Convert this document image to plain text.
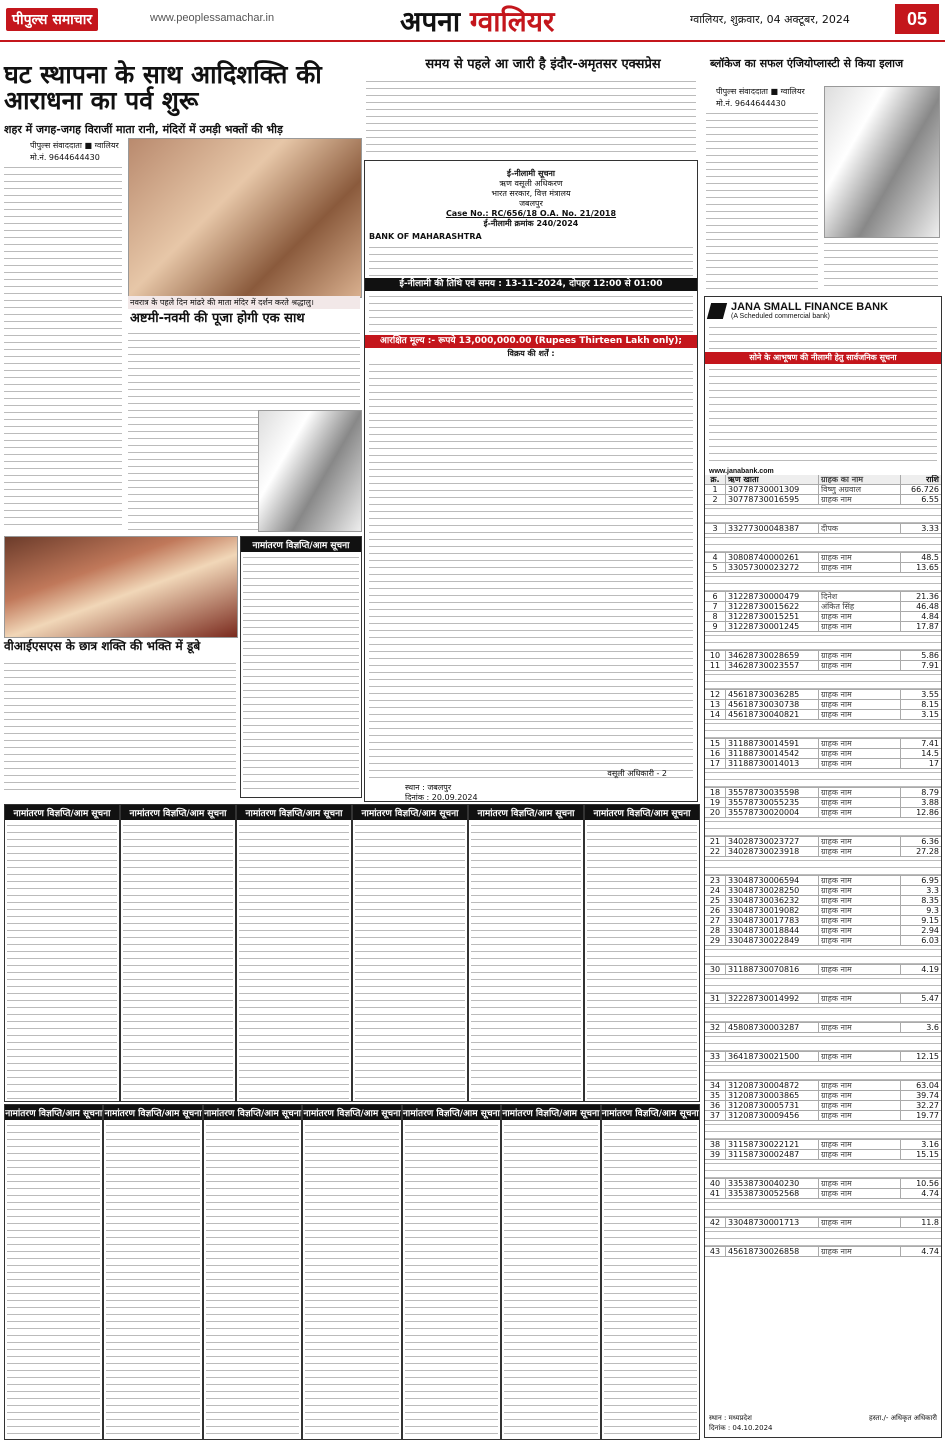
पीपुल्स समाचार	www.peoplessamachar.in	अपना ग्वालियर	ग्वालियर, शुक्रवार, 04 अक्टूबर, 2024	05
घट स्थापना के साथ आदिशक्ति की आराधना का पर्व शुरू
शहर में जगह-जगह विराजीं माता रानी, मंदिरों में उमड़ी भक्तों की भीड़
पीपुल्स संवाददाता ■ ग्वालियर
मो.नं. 9644644430
नवरात्र के पहले दिन मांढरे की माता मंदिर में दर्शन करते श्रद्धालु।
अष्टमी-नवमी की पूजा होगी एक साथ
वीआईएसएस के छात्र शक्ति की भक्ति में डूबे
नामांतरण विज्ञप्ति/आम सूचना
समय से पहले आ जारी है इंदौर-अमृतसर एक्सप्रेस
ई-नीलामी सूचना
ऋण वसूली अधिकरण
भारत सरकार, वित्त मंत्रालय
जबलपुर
Case No.: RC/656/18 O.A. No. 21/2018
ई-नीलामी क्रमांक 240/2024
BANK OF MAHARASHTRA
ई-नीलामी की तिथि एवं समय : 13-11-2024, दोपहर 12:00 से 01:00
आरक्षित मूल्य :- रूपये 13,000,000.00 (Rupees Thirteen Lakh only);
विक्रय की शर्तें :
स्थान : जबलपुर
दिनांक : 20.09.2024
वसूली अधिकारी - 2
ब्लॉकेज का सफल एंजियोप्लास्टी से किया इलाज
पीपुल्स संवाददाता ■ ग्वालियर
मो.नं. 9644644430
JANA SMALL FINANCE BANK
(A Scheduled commercial bank)
सोने के आभूषण की नीलामी हेतु सार्वजनिक सूचना
www.janabank.com
क्र.	ऋण खाता	ग्राहक का नाम	राशि
1	30778730001309	विष्णु अग्रवाल	66.726
2	30778730016595	ग्राहक नाम	6.55
3	33277300048387	दीपक	3.33
4	30808740000261	ग्राहक नाम	48.5
5	33057300023272	ग्राहक नाम	13.65
6	31228730000479	दिनेश	21.36
7	31228730015622	अंकित सिंह	46.48
8	31228730015251	ग्राहक नाम	4.84
9	31228730001245	ग्राहक नाम	17.87
10 34628730028659	ग्राहक नाम	5.86
11 34628730023557	ग्राहक नाम	7.91
12 45618730036285	ग्राहक नाम	3.55
13 45618730030738	ग्राहक नाम	8.15
14 45618730040821	ग्राहक नाम	3.15
15 31188730014591	ग्राहक नाम	7.41
16 31188730014542	ग्राहक नाम	14.5
17 31188730014013	ग्राहक नाम	17
18 35578730035598	ग्राहक नाम	8.79
19 35578730055235	ग्राहक नाम	3.88
20 35578730020004	ग्राहक नाम	12.86
21 34028730023727	ग्राहक नाम	6.36
22 34028730023918	ग्राहक नाम	27.28
23 33048730006594	ग्राहक नाम	6.95
24 33048730028250	ग्राहक नाम	3.3
25 33048730036232	ग्राहक नाम	8.35
26 33048730019082	ग्राहक नाम	9.3
27 33048730017783	ग्राहक नाम	9.15
28 33048730018844	ग्राहक नाम	2.94
29 33048730022849	ग्राहक नाम	6.03
30 31188730070816	ग्राहक नाम	4.19
31 32228730014992	ग्राहक नाम	5.47
32 45808730003287	ग्राहक नाम	3.6
33 36418730021500	ग्राहक नाम	12.15
34 31208730004872	ग्राहक नाम	63.04
35 31208730003865	ग्राहक नाम	39.74
36 31208730005731	ग्राहक नाम	32.27
37 31208730009456	ग्राहक नाम	19.77
38 31158730022121	ग्राहक नाम	3.16
39 31158730002487	ग्राहक नाम	15.15
40 33538730040230	ग्राहक नाम	10.56
41 33538730052568	ग्राहक नाम	4.74
42 33048730001713	ग्राहक नाम	11.8
43 45618730026858	ग्राहक नाम	4.74
स्थान : मध्यप्रदेश
दिनांक : 04.10.2024
हस्ता./- अधिकृत अधिकारी
नामांतरण विज्ञप्ति/आम सूचना	नामांतरण विज्ञप्ति/आम सूचना	नामांतरण विज्ञप्ति/आम सूचना	नामांतरण विज्ञप्ति/आम सूचना	नामांतरण विज्ञप्ति/आम सूचना	नामांतरण विज्ञप्ति/आम सूचना
नामांतरण विज्ञप्ति/आम सूचना नामांतरण विज्ञप्ति/आम सूचना नामांतरण विज्ञप्ति/आम सूचना नामांतरण विज्ञप्ति/आम सूचना नामांतरण विज्ञप्ति/आम सूचना नामांतरण विज्ञप्ति/आम सूचना नामांतरण विज्ञप्ति/आम सूचना
